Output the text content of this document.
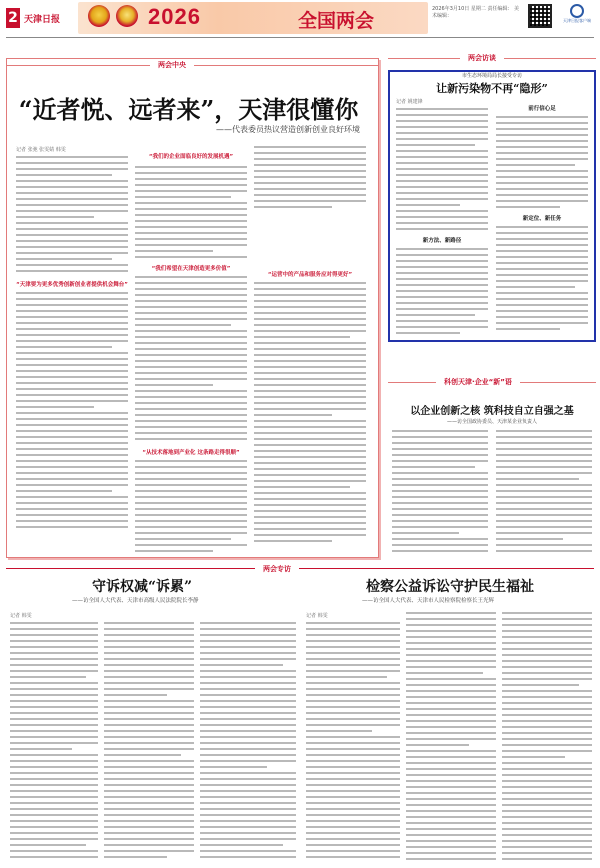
2 天津日报	2026	全国两会
2026年3月10日 星期二 责任编辑： 美术编辑：
天津日报客户端
两会中央
“近者悦、远者来”，天津很懂你
——代表委员热议营造创新创业良好环境
记者 张弛 张雯婧 韩雯
“天津要为更多优秀创新创业者提供机会舞台”
“我们的企业面临良好的发展机遇”
“我们希望在天津创造更多价值”
“从技术落地到产业化 这条路走得很顺”
“运营中的产品和服务应对得更好”
两会访谈
市生态环境局局长接受专访
让新污染物不再“隐形”
记者 姚建锋
新方法、新路径
前行信心足
新定位、新任务
科创天津·企业“新”语
以企业创新之核 筑科技自立自强之基
——访全国政协委员、天津某企业负责人
两会专访
守诉权减“诉累”
——访全国人大代表、天津市高级人民法院院长李静
检察公益诉讼守护民生福祉
——访全国人大代表、天津市人民检察院检察长王光辉
记者 韩雯	记者 韩雯
